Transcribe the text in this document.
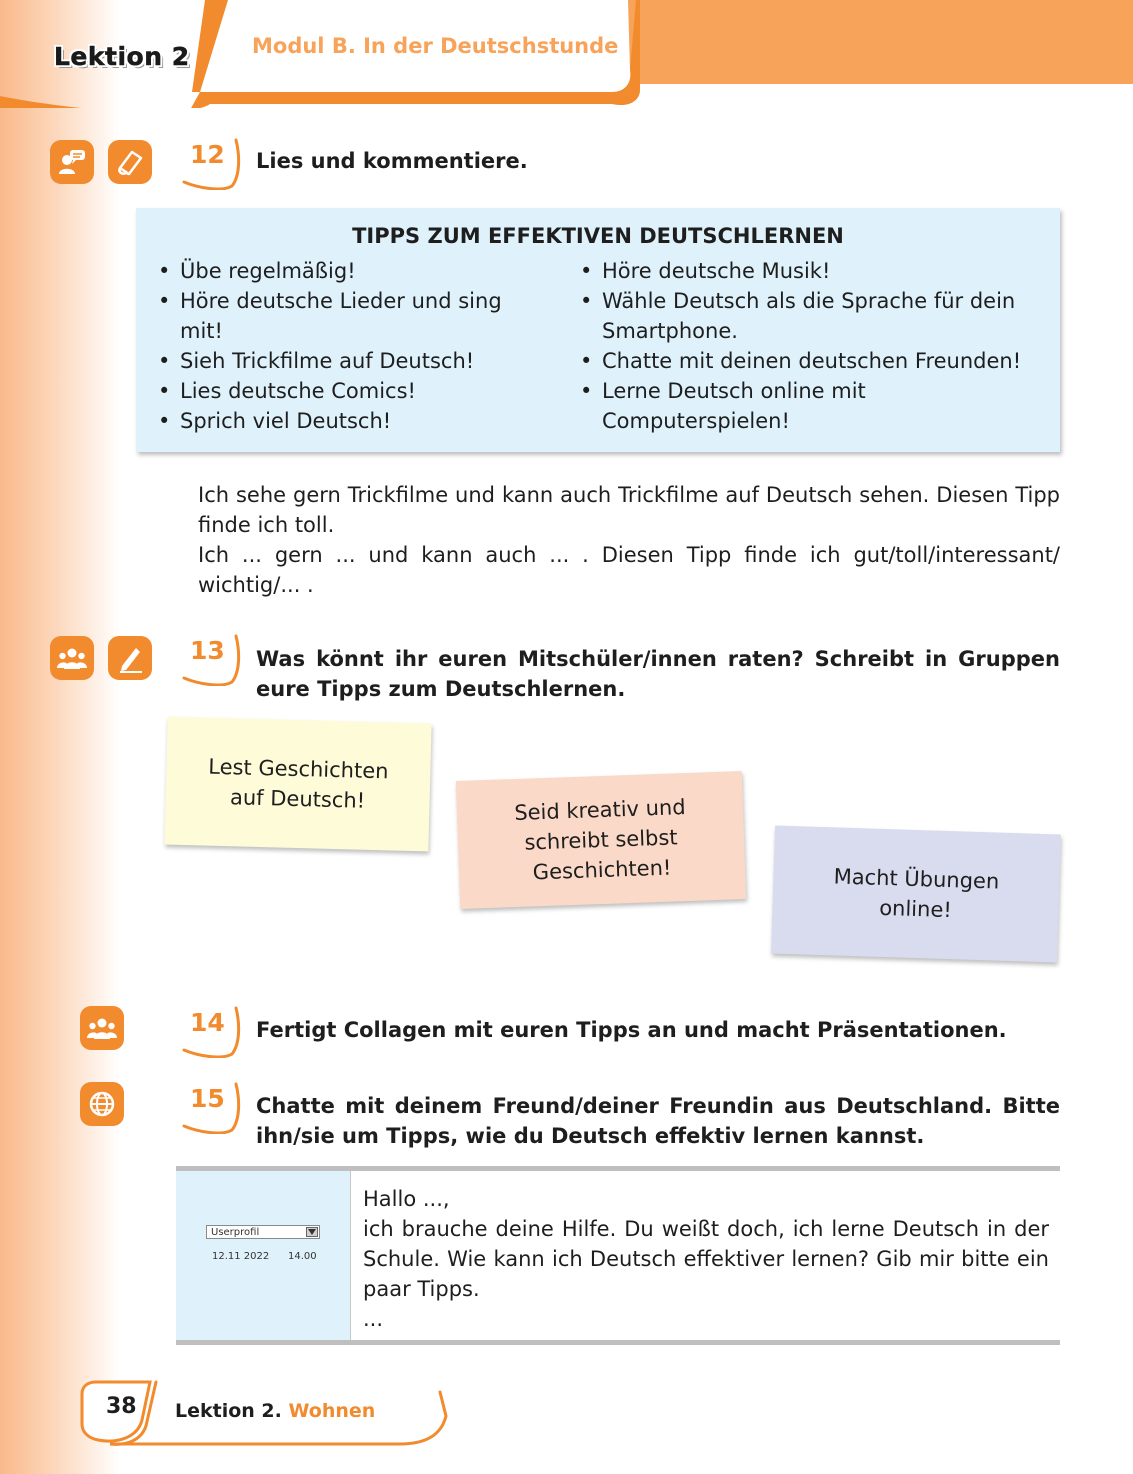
Lektion 2	Modul B. In der Deutschstunde
12 Lies und kommentiere.
TIPPS ZUM EFFEKTIVEN DEUTSCHLERNEN
• Übe regelmäßig!
• Höre deutsche Lieder und sing mit!
• Sieh Trickfilme auf Deutsch!
• Lies deutsche Comics!
• Sprich viel Deutsch!
• Höre deutsche Musik!
• Wähle Deutsch als die Sprache für dein Smartphone.
• Chatte mit deinen deutschen Freunden!
• Lerne Deutsch online mit Computerspielen!

Ich sehe gern Trickfilme und kann auch Trickfilme auf Deutsch sehen. Diesen Tipp finde ich toll.

Ich ... gern ... und kann auch ... . Diesen Tipp finde ich gut/toll/interessant/ wichtig/... .

13 Was könnt ihr euren Mitschüler/innen raten? Schreibt in Gruppen eure Tipps zum Deutschlernen.
Lest Geschichten
auf Deutsch!	Seid kreativ und
schreibt selbst
Geschichten!	Macht Übungen
online!
14 Fertigt Collagen mit euren Tipps an und macht Präsentationen.
15 Chatte mit deinem Freund/deiner Freundin aus Deutschland. Bitte ihn/sie um Tipps, wie du Deutsch effektiv lernen kannst.
Userprofil
12.11 2022 14.00

Hallo ...,

ich brauche deine Hilfe. Du weißt doch, ich lerne Deutsch in der Schule. Wie kann ich Deutsch effektiver lernen? Gib mir bitte ein paar Tipps.

...

38 Lektion 2. Wohnen
